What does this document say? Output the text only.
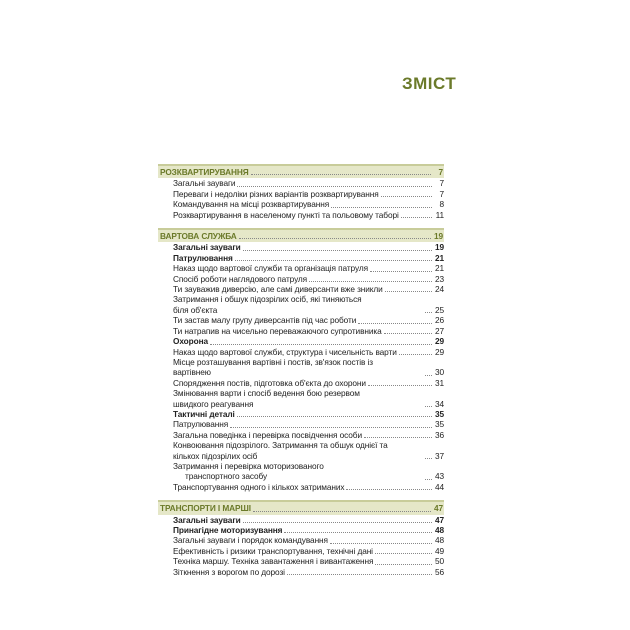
ЗМІСТ
РОЗКВАРТИРУВАННЯ	7
Загальні зауваги	7
Переваги і недоліки різних варіантів розквартирування	7
Командування на місці розквартирування	8
Розквартирування в населеному пункті та польовому таборі	11
ВАРТОВА СЛУЖБА	19
Загальні зауваги	19
Патрулювання	21
Наказ щодо вартової служби та організація патруля	21
Спосіб роботи наглядового патруля	23
Ти зауважив диверсію, але самі диверсанти вже зникли	24
Затримання і обшук підозрілих осіб, які тиняються
біля об'єкта	25
Ти застав малу групу диверсантів під час роботи	26
Ти натрапив на чисельно переважаючого супротивника	27
Охорона	29
Наказ щодо вартової служби, структура і чисельність варти	29
Місце розташування вартівні і постів, зв'язок постів із
вартівнею	30
Спорядження постів, підготовка об'єкта до охорони	31
Змінювання варти і спосіб ведення бою резервом
швидкого реагування	34
Тактичні деталі	35
Патрулювання	35
Загальна поведінка і перевірка посвідчення особи	36
Конвоювання підозрілого. Затримання та обшук однієї та
кількох підозрілих осіб	37
Затримання і перевірка моторизованого
транспортного засобу	43
Транспортування одного і кількох затриманих	44
ТРАНСПОРТИ І МАРШІ	47
Загальні зауваги	47
Принагідне моторизування	48
Загальні зауваги і порядок командування	48
Ефективність і ризики транспортування, технічні дані	49
Техніка маршу. Техніка завантаження і вивантаження	50
Зіткнення з ворогом по дорозі	56
